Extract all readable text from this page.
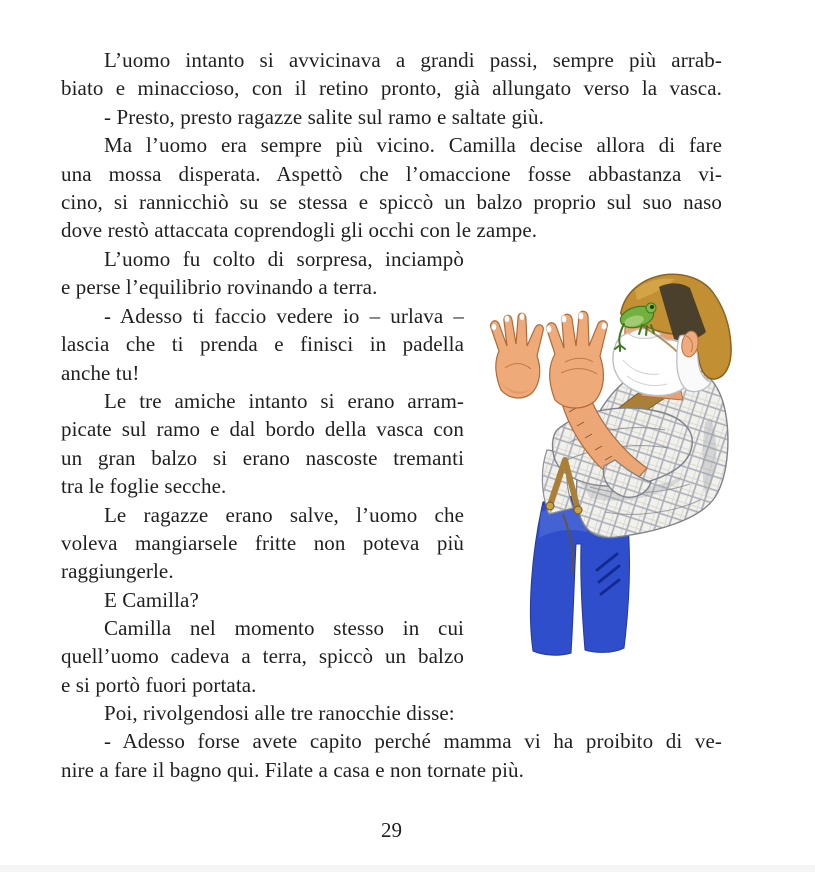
L’uomo intanto si avvicinava a grandi passi, sempre più arrab-
biato e minaccioso, con il retino pronto, già allungato verso la vasca.
- Presto, presto ragazze salite sul ramo e saltate giù.
Ma l’uomo era sempre più vicino. Camilla decise allora di fare
una mossa disperata. Aspettò che l’omaccione fosse abbastanza vi-
cino, si rannicchiò su se stessa e spiccò un balzo proprio sul suo naso
dove restò attaccata coprendogli gli occhi con le zampe.
L’uomo fu colto di sorpresa, inciampò
e perse l’equilibrio rovinando a terra.
- Adesso ti faccio vedere io – urlava –
lascia che ti prenda e finisci in padella
anche tu!
Le tre amiche intanto si erano arram-
picate sul ramo e dal bordo della vasca con
un gran balzo si erano nascoste tremanti
tra le foglie secche.
Le ragazze erano salve, l’uomo che
voleva mangiarsele fritte non poteva più
raggiungerle.
E Camilla?
Camilla nel momento stesso in cui
quell’uomo cadeva a terra, spiccò un balzo
e si portò fuori portata.
Poi, rivolgendosi alle tre ranocchie disse:
- Adesso forse avete capito perché mamma vi ha proibito di ve-
nire a fare il bagno qui. Filate a casa e non tornate più.
29
